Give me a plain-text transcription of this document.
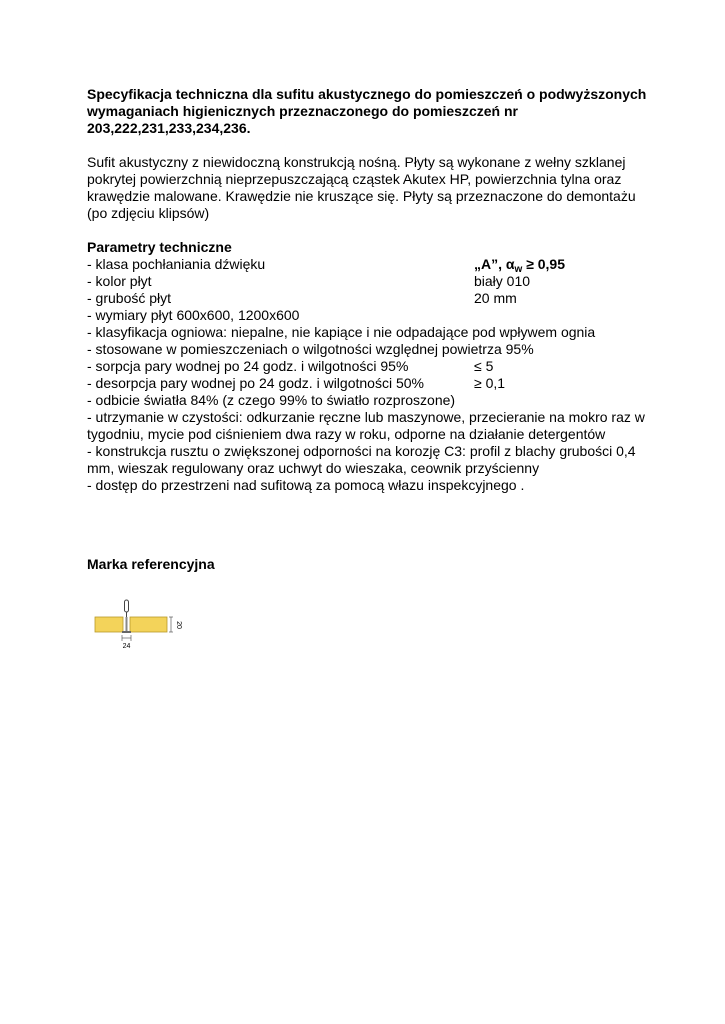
Specyfikacja techniczna dla sufitu akustycznego do pomieszczeń o podwyższonych wymaganiach higienicznych przeznaczonego do pomieszczeń nr 203,222,231,233,234,236.

Sufit akustyczny z niewidoczną konstrukcją nośną. Płyty są wykonane z wełny szklanej pokrytej powierzchnią nieprzepuszczającą cząstek Akutex HP, powierzchnia tylna oraz krawędzie malowane. Krawędzie nie kruszące się. Płyty są przeznaczone do demontażu (po zdjęciu klipsów)
Parametry techniczne
- klasa pochłaniania dźwięku	„A”, $\alpha_w \ge 0,95$
- kolor płyt	biały 010
- grubość płyt	20 mm
- wymiary płyt 600x600, 1200x600
- klasyfikacja ogniowa: niepalne, nie kapiące i nie odpadające pod wpływem ognia
- stosowane w pomieszczeniach o wilgotności względnej powietrza 95%
- sorpcja pary wodnej po 24 godz. i wilgotności 95%	≤ 5
- desorpcja pary wodnej po 24 godz. i wilgotności 50%	≥ 0,1
- odbicie światła 84% (z czego 99% to światło rozproszone)
- utrzymanie w czystości: odkurzanie ręczne lub maszynowe, przecieranie na mokro raz w tygodniu, mycie pod ciśnieniem dwa razy w roku, odporne na działanie detergentów
- konstrukcja rusztu o zwiększonej odporności na korozję C3: profil z blachy grubości 0,4 mm, wieszak regulowany oraz uchwyt do wieszaka, ceownik przyścienny
- dostęp do przestrzeni nad sufitową za pomocą włazu inspekcyjnego .
Marka referencyjna
20
24
